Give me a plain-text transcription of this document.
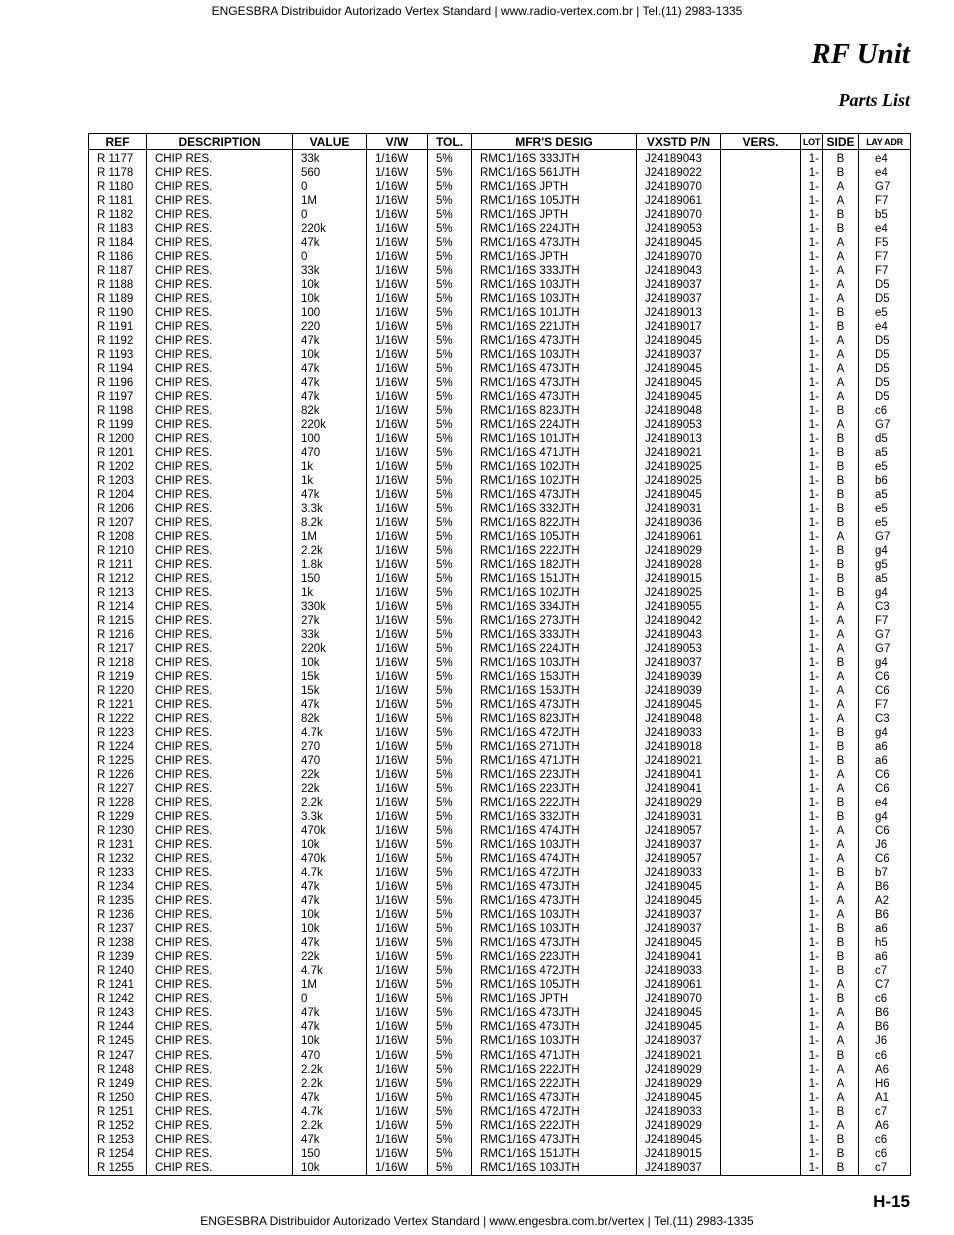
ENGESBRA Distribuidor Autorizado Vertex Standard | www.radio-vertex.com.br | Tel.(11) 2983-1335
RF Unit
Parts List
REF	DESCRIPTION	VALUE	V/W	TOL.	MFR'S DESIG	VXSTD P/N	VERS.	LOT	SIDE	LAY ADR
R 1177	CHIP RES.	33k	1/16W	5%	RMC1/16S 333JTH	J24189043		1-	B	e4
R 1178	CHIP RES.	560	1/16W	5%	RMC1/16S 561JTH	J24189022		1-	B	e4
R 1180	CHIP RES.	0	1/16W	5%	RMC1/16S JPTH	J24189070		1-	A	G7
R 1181	CHIP RES.	1M	1/16W	5%	RMC1/16S 105JTH	J24189061		1-	A	F7
R 1182	CHIP RES.	0	1/16W	5%	RMC1/16S JPTH	J24189070		1-	B	b5
R 1183	CHIP RES.	220k	1/16W	5%	RMC1/16S 224JTH	J24189053		1-	B	e4
R 1184	CHIP RES.	47k	1/16W	5%	RMC1/16S 473JTH	J24189045		1-	A	F5
R 1186	CHIP RES.	0	1/16W	5%	RMC1/16S JPTH	J24189070		1-	A	F7
R 1187	CHIP RES.	33k	1/16W	5%	RMC1/16S 333JTH	J24189043		1-	A	F7
R 1188	CHIP RES.	10k	1/16W	5%	RMC1/16S 103JTH	J24189037		1-	A	D5
R 1189	CHIP RES.	10k	1/16W	5%	RMC1/16S 103JTH	J24189037		1-	A	D5
R 1190	CHIP RES.	100	1/16W	5%	RMC1/16S 101JTH	J24189013		1-	B	e5
R 1191	CHIP RES.	220	1/16W	5%	RMC1/16S 221JTH	J24189017		1-	B	e4
R 1192	CHIP RES.	47k	1/16W	5%	RMC1/16S 473JTH	J24189045		1-	A	D5
R 1193	CHIP RES.	10k	1/16W	5%	RMC1/16S 103JTH	J24189037		1-	A	D5
R 1194	CHIP RES.	47k	1/16W	5%	RMC1/16S 473JTH	J24189045		1-	A	D5
R 1196	CHIP RES.	47k	1/16W	5%	RMC1/16S 473JTH	J24189045		1-	A	D5
R 1197	CHIP RES.	47k	1/16W	5%	RMC1/16S 473JTH	J24189045		1-	A	D5
R 1198	CHIP RES.	82k	1/16W	5%	RMC1/16S 823JTH	J24189048		1-	B	c6
R 1199	CHIP RES.	220k	1/16W	5%	RMC1/16S 224JTH	J24189053		1-	A	G7
R 1200	CHIP RES.	100	1/16W	5%	RMC1/16S 101JTH	J24189013		1-	B	d5
R 1201	CHIP RES.	470	1/16W	5%	RMC1/16S 471JTH	J24189021		1-	B	a5
R 1202	CHIP RES.	1k	1/16W	5%	RMC1/16S 102JTH	J24189025		1-	B	e5
R 1203	CHIP RES.	1k	1/16W	5%	RMC1/16S 102JTH	J24189025		1-	B	b6
R 1204	CHIP RES.	47k	1/16W	5%	RMC1/16S 473JTH	J24189045		1-	B	a5
R 1206	CHIP RES.	3.3k	1/16W	5%	RMC1/16S 332JTH	J24189031		1-	B	e5
R 1207	CHIP RES.	8.2k	1/16W	5%	RMC1/16S 822JTH	J24189036		1-	B	e5
R 1208	CHIP RES.	1M	1/16W	5%	RMC1/16S 105JTH	J24189061		1-	A	G7
R 1210	CHIP RES.	2.2k	1/16W	5%	RMC1/16S 222JTH	J24189029		1-	B	g4
R 1211	CHIP RES.	1.8k	1/16W	5%	RMC1/16S 182JTH	J24189028		1-	B	g5
R 1212	CHIP RES.	150	1/16W	5%	RMC1/16S 151JTH	J24189015		1-	B	a5
R 1213	CHIP RES.	1k	1/16W	5%	RMC1/16S 102JTH	J24189025		1-	B	g4
R 1214	CHIP RES.	330k	1/16W	5%	RMC1/16S 334JTH	J24189055		1-	A	C3
R 1215	CHIP RES.	27k	1/16W	5%	RMC1/16S 273JTH	J24189042		1-	A	F7
R 1216	CHIP RES.	33k	1/16W	5%	RMC1/16S 333JTH	J24189043		1-	A	G7
R 1217	CHIP RES.	220k	1/16W	5%	RMC1/16S 224JTH	J24189053		1-	A	G7
R 1218	CHIP RES.	10k	1/16W	5%	RMC1/16S 103JTH	J24189037		1-	B	g4
R 1219	CHIP RES.	15k	1/16W	5%	RMC1/16S 153JTH	J24189039		1-	A	C6
R 1220	CHIP RES.	15k	1/16W	5%	RMC1/16S 153JTH	J24189039		1-	A	C6
R 1221	CHIP RES.	47k	1/16W	5%	RMC1/16S 473JTH	J24189045		1-	A	F7
R 1222	CHIP RES.	82k	1/16W	5%	RMC1/16S 823JTH	J24189048		1-	A	C3
R 1223	CHIP RES.	4.7k	1/16W	5%	RMC1/16S 472JTH	J24189033		1-	B	g4
R 1224	CHIP RES.	270	1/16W	5%	RMC1/16S 271JTH	J24189018		1-	B	a6
R 1225	CHIP RES.	470	1/16W	5%	RMC1/16S 471JTH	J24189021		1-	B	a6
R 1226	CHIP RES.	22k	1/16W	5%	RMC1/16S 223JTH	J24189041		1-	A	C6
R 1227	CHIP RES.	22k	1/16W	5%	RMC1/16S 223JTH	J24189041		1-	A	C6
R 1228	CHIP RES.	2.2k	1/16W	5%	RMC1/16S 222JTH	J24189029		1-	B	e4
R 1229	CHIP RES.	3.3k	1/16W	5%	RMC1/16S 332JTH	J24189031		1-	B	g4
R 1230	CHIP RES.	470k	1/16W	5%	RMC1/16S 474JTH	J24189057		1-	A	C6
R 1231	CHIP RES.	10k	1/16W	5%	RMC1/16S 103JTH	J24189037		1-	A	J6
R 1232	CHIP RES.	470k	1/16W	5%	RMC1/16S 474JTH	J24189057		1-	A	C6
R 1233	CHIP RES.	4.7k	1/16W	5%	RMC1/16S 472JTH	J24189033		1-	B	b7
R 1234	CHIP RES.	47k	1/16W	5%	RMC1/16S 473JTH	J24189045		1-	A	B6
R 1235	CHIP RES.	47k	1/16W	5%	RMC1/16S 473JTH	J24189045		1-	A	A2
R 1236	CHIP RES.	10k	1/16W	5%	RMC1/16S 103JTH	J24189037		1-	A	B6
R 1237	CHIP RES.	10k	1/16W	5%	RMC1/16S 103JTH	J24189037		1-	B	a6
R 1238	CHIP RES.	47k	1/16W	5%	RMC1/16S 473JTH	J24189045		1-	B	h5
R 1239	CHIP RES.	22k	1/16W	5%	RMC1/16S 223JTH	J24189041		1-	B	a6
R 1240	CHIP RES.	4.7k	1/16W	5%	RMC1/16S 472JTH	J24189033		1-	B	c7
R 1241	CHIP RES.	1M	1/16W	5%	RMC1/16S 105JTH	J24189061		1-	A	C7
R 1242	CHIP RES.	0	1/16W	5%	RMC1/16S JPTH	J24189070		1-	B	c6
R 1243	CHIP RES.	47k	1/16W	5%	RMC1/16S 473JTH	J24189045		1-	A	B6
R 1244	CHIP RES.	47k	1/16W	5%	RMC1/16S 473JTH	J24189045		1-	A	B6
R 1245	CHIP RES.	10k	1/16W	5%	RMC1/16S 103JTH	J24189037		1-	A	J6
R 1247	CHIP RES.	470	1/16W	5%	RMC1/16S 471JTH	J24189021		1-	B	c6
R 1248	CHIP RES.	2.2k	1/16W	5%	RMC1/16S 222JTH	J24189029		1-	A	A6
R 1249	CHIP RES.	2.2k	1/16W	5%	RMC1/16S 222JTH	J24189029		1-	A	H6
R 1250	CHIP RES.	47k	1/16W	5%	RMC1/16S 473JTH	J24189045		1-	A	A1
R 1251	CHIP RES.	4.7k	1/16W	5%	RMC1/16S 472JTH	J24189033		1-	B	c7
R 1252	CHIP RES.	2.2k	1/16W	5%	RMC1/16S 222JTH	J24189029		1-	A	A6
R 1253	CHIP RES.	47k	1/16W	5%	RMC1/16S 473JTH	J24189045		1-	B	c6
R 1254	CHIP RES.	150	1/16W	5%	RMC1/16S 151JTH	J24189015		1-	B	c6
R 1255	CHIP RES.	10k	1/16W	5%	RMC1/16S 103JTH	J24189037		1-	B	c7
H-15
ENGESBRA Distribuidor Autorizado Vertex Standard | www.engesbra.com.br/vertex | Tel.(11) 2983-1335
